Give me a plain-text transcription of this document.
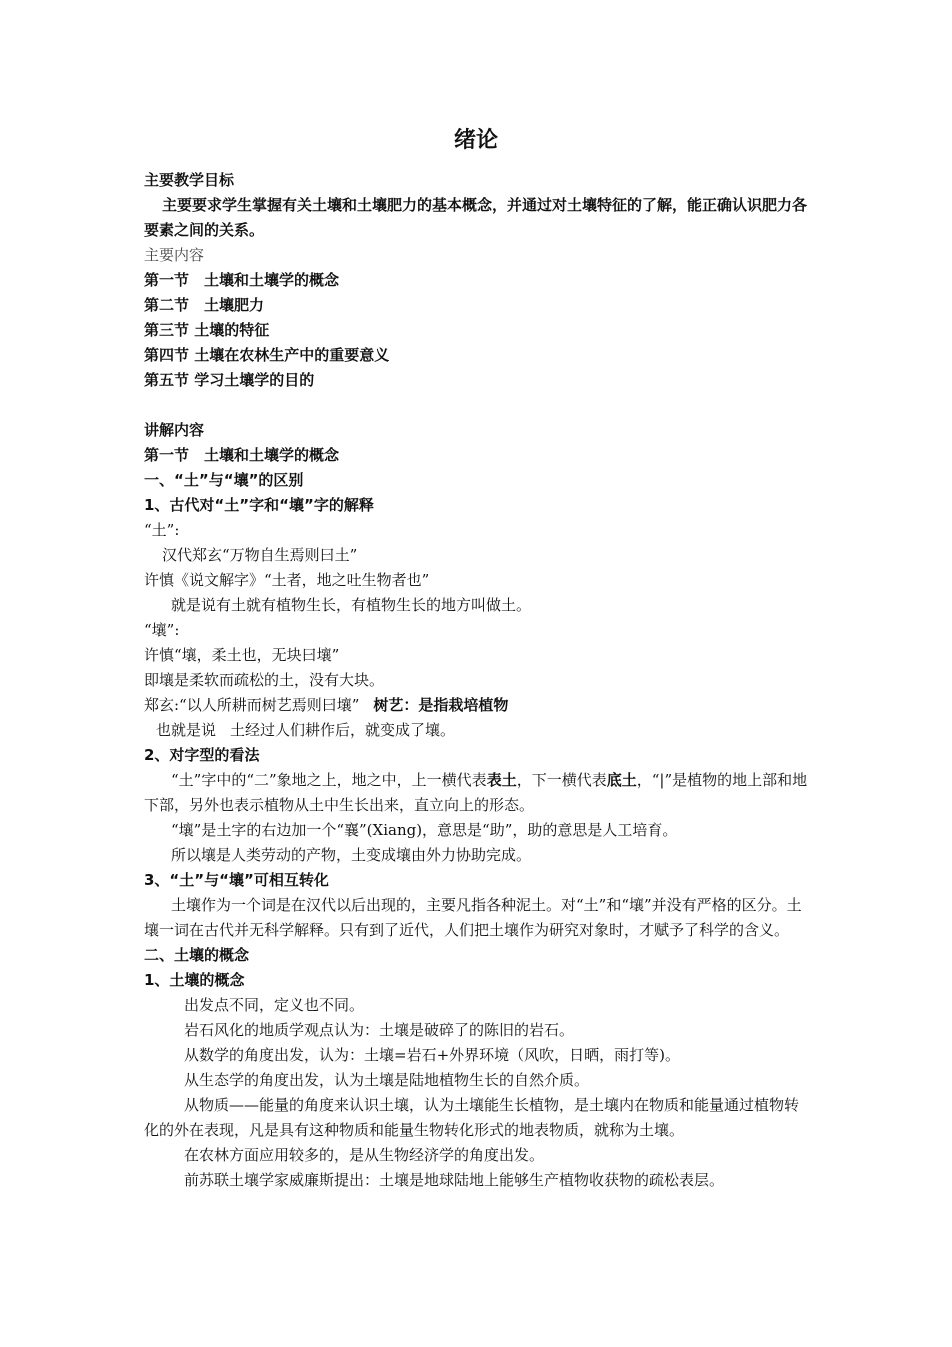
绪论

主要教学目标

主要要求学生掌握有关土壤和土壤肥力的基本概念，并通过对土壤特征的了解，能正确认识肥力各要素之间的关系。

主要内容

第一节　土壤和土壤学的概念

第二节　土壤肥力

第三节 土壤的特征

第四节 土壤在农林生产中的重要意义

第五节 学习土壤学的目的

讲解内容

第一节　土壤和土壤学的概念

一、“土”与“壤”的区别

1、古代对“土”字和“壤”字的解释

“土”:

汉代郑玄“万物自生焉则曰土”

许慎《说文解字》“土者，地之吐生物者也”

就是说有土就有植物生长，有植物生长的地方叫做土。

“壤”:

许慎“壤，柔土也，无块曰壤”

即壤是柔软而疏松的土，没有大块。

郑玄:“以人所耕而树艺焉则曰壤” 树艺：是指栽培植物

也就是说 土经过人们耕作后，就变成了壤。

2、对字型的看法

“土”字中的“二”象地之上，地之中，上一横代表表土，下一横代表底土，“|”是植物的地上部和地下部，另外也表示植物从土中生长出来，直立向上的形态。

“壤”是土字的右边加一个“襄”(Xiang)，意思是“助”，助的意思是人工培育。

所以壤是人类劳动的产物，土变成壤由外力协助完成。

3、“土”与“壤”可相互转化

土壤作为一个词是在汉代以后出现的，主要凡指各种泥土。对“土”和“壤”并没有严格的区分。土壤一词在古代并无科学解释。只有到了近代，人们把土壤作为研究对象时，才赋予了科学的含义。

二、土壤的概念

1、土壤的概念

出发点不同，定义也不同。

岩石风化的地质学观点认为：土壤是破碎了的陈旧的岩石。

从数学的角度出发，认为：土壤=岩石+外界环境（风吹，日晒，雨打等)。

从生态学的角度出发，认为土壤是陆地植物生长的自然介质。

从物质——能量的角度来认识土壤，认为土壤能生长植物，是土壤内在物质和能量通过植物转化的外在表现，凡是具有这种物质和能量生物转化形式的地表物质，就称为土壤。

在农林方面应用较多的，是从生物经济学的角度出发。

前苏联土壤学家威廉斯提出：土壤是地球陆地上能够生产植物收获物的疏松表层。
